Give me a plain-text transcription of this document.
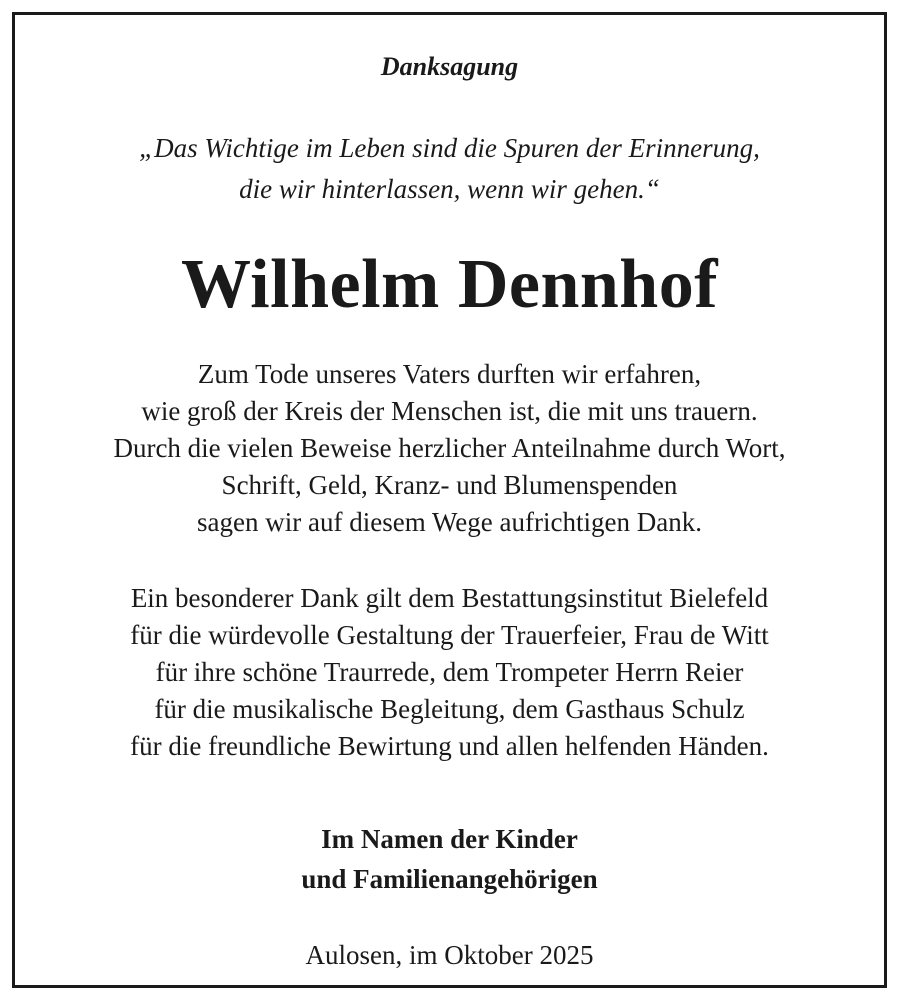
Danksagung

„Das Wichtige im Leben sind die Spuren der Erinnerung,
die wir hinterlassen, wenn wir gehen.“

Wilhelm Dennhof

Zum Tode unseres Vaters durften wir erfahren,
wie groß der Kreis der Menschen ist, die mit uns trauern.
Durch die vielen Beweise herzlicher Anteilnahme durch Wort,
Schrift, Geld, Kranz- und Blumenspenden
sagen wir auf diesem Wege aufrichtigen Dank.

Ein besonderer Dank gilt dem Bestattungsinstitut Bielefeld
für die würdevolle Gestaltung der Trauerfeier, Frau de Witt
für ihre schöne Traurrede, dem Trompeter Herrn Reier
für die musikalische Begleitung, dem Gasthaus Schulz
für die freundliche Bewirtung und allen helfenden Händen.

Im Namen der Kinder
und Familienangehörigen

Aulosen, im Oktober 2025
